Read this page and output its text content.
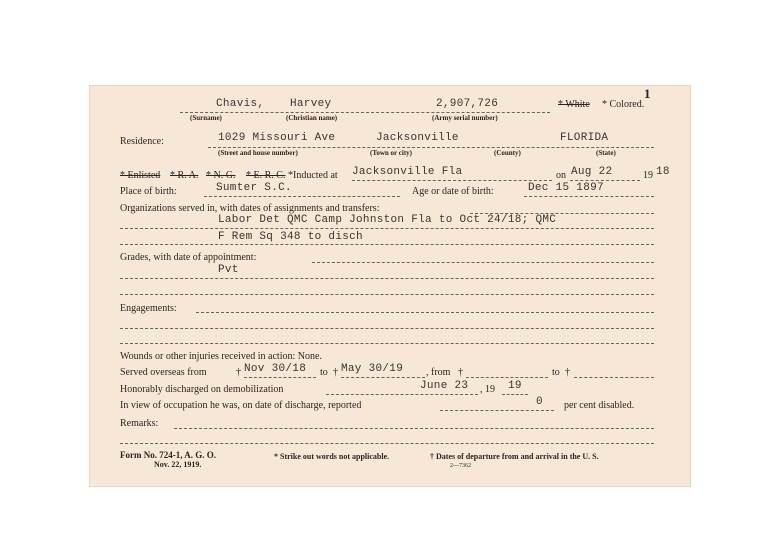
1
Chavis, Harvey	2,907,726	* White * Colored.
(Surname)	(Christian name)	(Army serial number)
Residence:	1029 Missouri Ave	Jacksonville	FLORIDA
(Street and house number)	(Town or city)	(County)	(State)
* Enlisted * R. A. * N. G. * E. R. C. *Inducted at Jacksonville Fla	on Aug 22	19 18
Place of birth:	Sumter S.C.	Age or date of birth:	Dec 15 1897
Organizations served in, with dates of assignments and transfers:
Labor Det QMC Camp Johnston Fla to Oct 24/18; QMC
F Rem Sq 348 to disch
Grades, with date of appointment:
Pvt
Engagements:
Wounds or other injuries received in action: None.
Served overseas from	† Nov 30/18 to † May 30/19 , from †	to †
Honorably discharged on demobilization	June 23 , 19 19
In view of occupation he was, on date of discharge, reported	0 per cent disabled.
Remarks:
Form No. 724-1, A. G. O.
Nov. 22, 1919.
* Strike out words not applicable.	† Dates of departure from and arrival in the U. S.
2—7362
